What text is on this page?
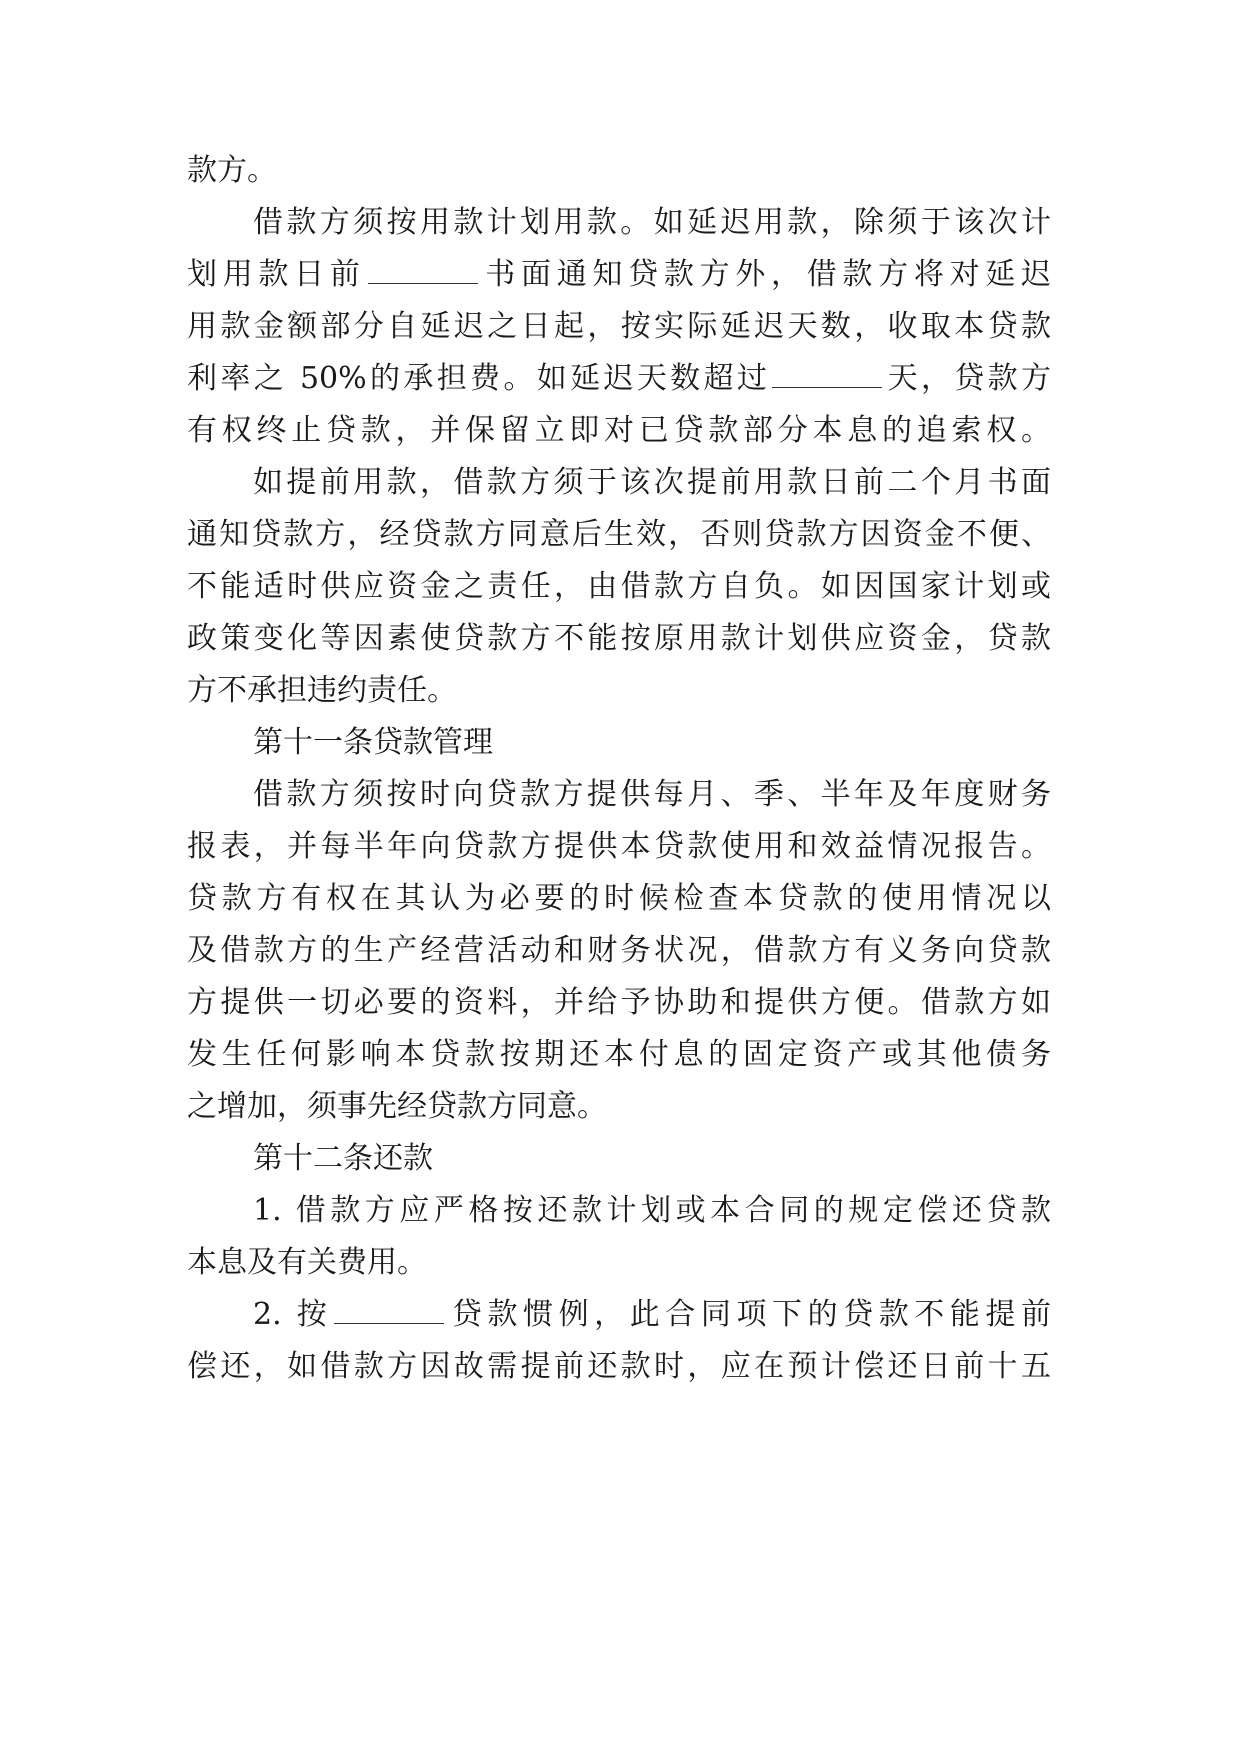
款方。
借款方须按用款计划用款。如延迟用款，除须于该次计
划用款日前	书面通知贷款方外，借款方将对延迟
用款金额部分自延迟之日起，按实际延迟天数，收取本贷款
利率之 50%的承担费。如延迟天数超过	天，贷款方
有权终止贷款，并保留立即对已贷款部分本息的追索权。
如提前用款，借款方须于该次提前用款日前二个月书面
通知贷款方，经贷款方同意后生效，否则贷款方因资金不便、
不能适时供应资金之责任，由借款方自负。如因国家计划或
政策变化等因素使贷款方不能按原用款计划供应资金，贷款
方不承担违约责任。
第十一条贷款管理
借款方须按时向贷款方提供每月、季、半年及年度财务
报表，并每半年向贷款方提供本贷款使用和效益情况报告。
贷款方有权在其认为必要的时候检查本贷款的使用情况以
及借款方的生产经营活动和财务状况，借款方有义务向贷款
方提供一切必要的资料，并给予协助和提供方便。借款方如
发生任何影响本贷款按期还本付息的固定资产或其他债务
之增加，须事先经贷款方同意。
第十二条还款
1. 借款方应严格按还款计划或本合同的规定偿还贷款
本息及有关费用。
2. 按	贷款惯例，此合同项下的贷款不能提前
偿还，如借款方因故需提前还款时，应在预计偿还日前十五
